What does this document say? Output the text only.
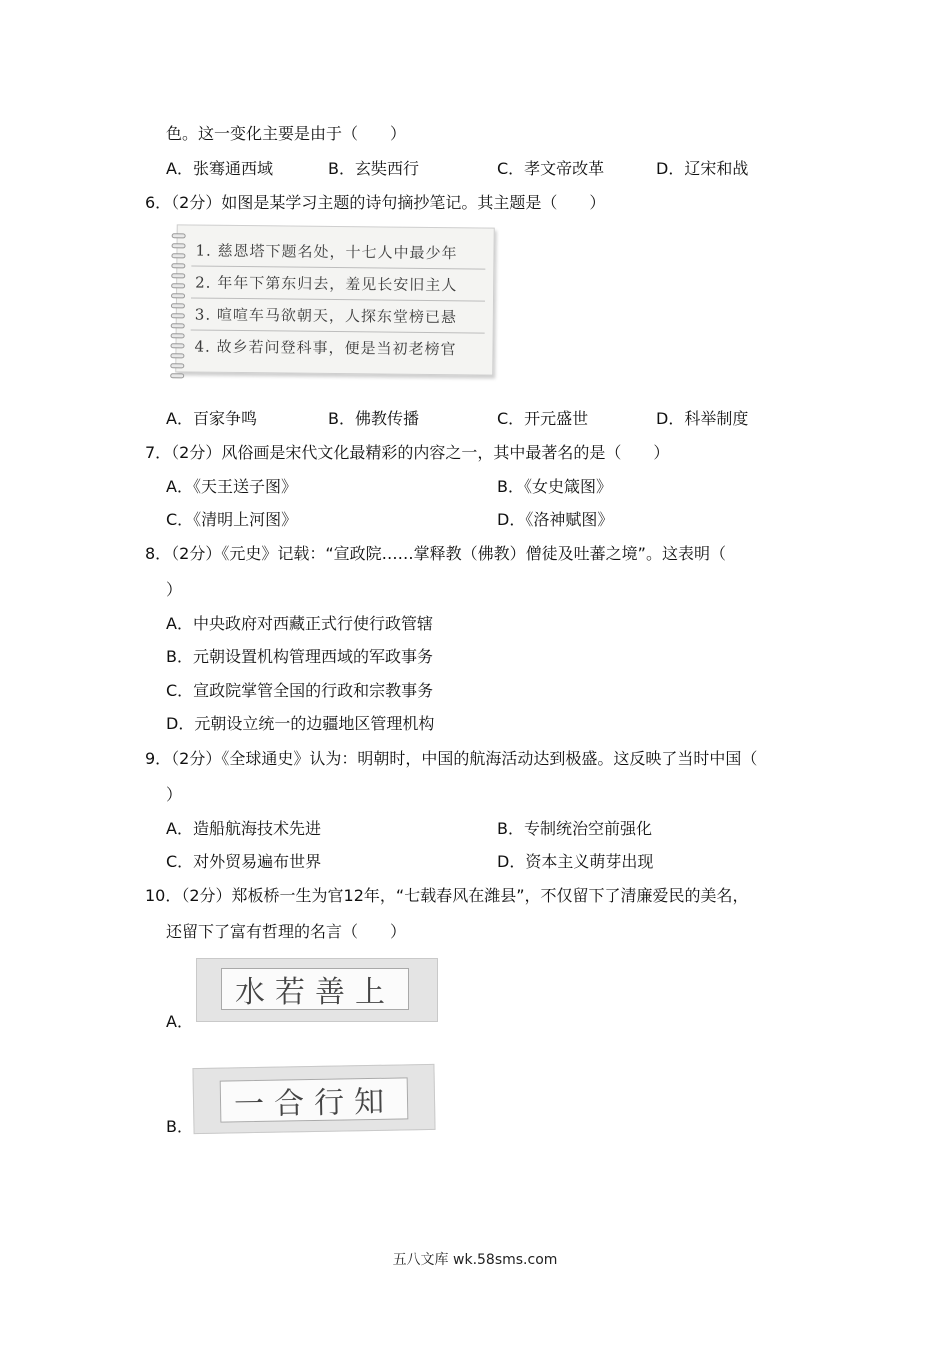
色。这一变化主要是由于（　　）
A．张骞通西域	B．玄奘西行	C．孝文帝改革	D．辽宋和战
6．（2分）如图是某学习主题的诗句摘抄笔记。其主题是（　　）
1. 慈恩塔下题名处，十七人中最少年
2. 年年下第东归去，羞见长安旧主人
3. 喧喧车马欲朝天，人探东堂榜已悬
4. 故乡若问登科事，便是当初老榜官
A．百家争鸣	B．佛教传播	C．开元盛世	D．科举制度
7．（2分）风俗画是宋代文化最精彩的内容之一，其中最著名的是（　　）
A．《天王送子图》	B．《女史箴图》
C．《清明上河图》	D．《洛神赋图》
8．（2分）《元史》记载：“宣政院……掌释教（佛教）僧徒及吐蕃之境”。这表明（
）
A．中央政府对西藏正式行使行政管辖
B．元朝设置机构管理西域的军政事务
C．宣政院掌管全国的行政和宗教事务
D．元朝设立统一的边疆地区管理机构
9．（2分）《全球通史》认为：明朝时，中国的航海活动达到极盛。这反映了当时中国（
）
A．造船航海技术先进	B．专制统治空前强化
C．对外贸易遍布世界	D．资本主义萌芽出现
10．（2分）郑板桥一生为官12年，“七载春风在潍县”，不仅留下了清廉爱民的美名，
还留下了富有哲理的名言（　　）
水若善上
A．
一合行知
B．
五八文库 wk.58sms.com
